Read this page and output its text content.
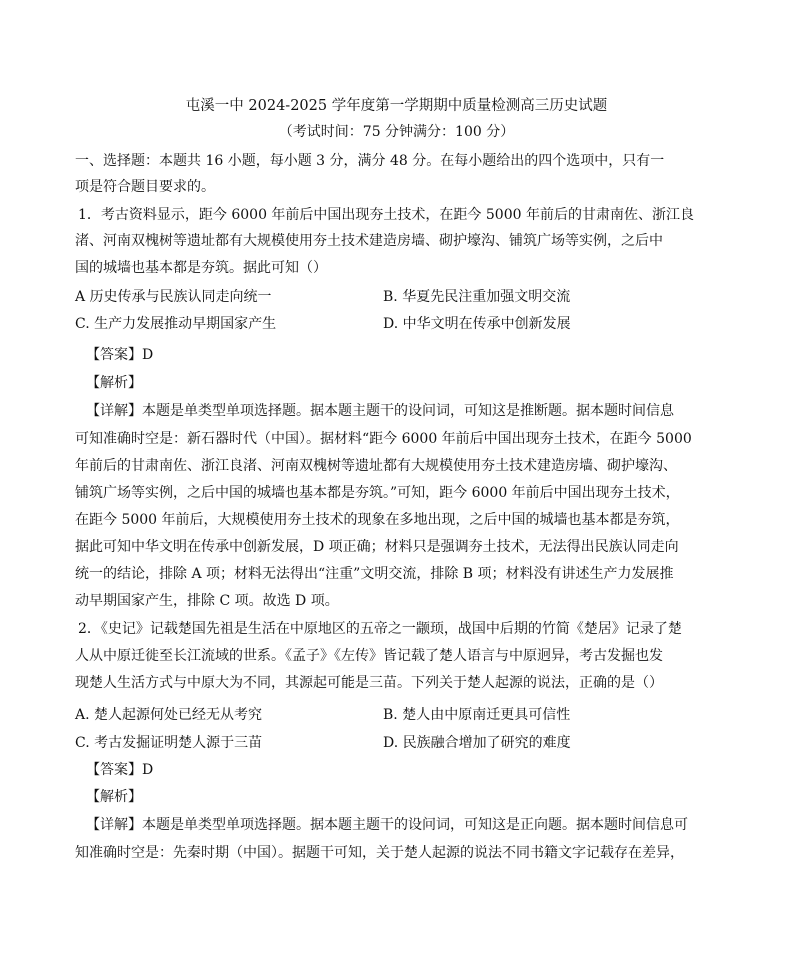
屯溪一中 2024-2025 学年度第一学期期中质量检测高三历史试题
（考试时间：75 分钟满分：100 分）
一、选择题：本题共 16 小题，每小题 3 分，满分 48 分。在每小题给出的四个选项中，只有一
项是符合题目要求的。
1．考古资料显示，距今 6000 年前后中国出现夯土技术，在距今 5000 年前后的甘肃南佐、浙江良
渚、河南双槐树等遗址都有大规模使用夯土技术建造房墙、砌护壕沟、铺筑广场等实例，之后中
国的城墙也基本都是夯筑。据此可知（）
A 历史传承与民族认同走向统一	B. 华夏先民注重加强文明交流
C. 生产力发展推动早期国家产生	D. 中华文明在传承中创新发展
【答案】D
【解析】
【详解】本题是单类型单项选择题。据本题主题干的设问词，可知这是推断题。据本题时间信息
可知准确时空是：新石器时代（中国）。据材料“距今 6000 年前后中国出现夯土技术，在距今 5000
年前后的甘肃南佐、浙江良渚、河南双槐树等遗址都有大规模使用夯土技术建造房墙、砌护壕沟、
铺筑广场等实例，之后中国的城墙也基本都是夯筑。”可知，距今 6000 年前后中国出现夯土技术，
在距今 5000 年前后，大规模使用夯土技术的现象在多地出现，之后中国的城墙也基本都是夯筑，
据此可知中华文明在传承中创新发展，D 项正确；材料只是强调夯土技术，无法得出民族认同走向
统一的结论，排除 A 项；材料无法得出“注重”文明交流，排除 B 项；材料没有讲述生产力发展推
动早期国家产生，排除 C 项。故选 D 项。
2．《史记》记载楚国先祖是生活在中原地区的五帝之一颛顼，战国中后期的竹简《楚居》记录了楚
人从中原迁徙至长江流域的世系。《孟子》《左传》皆记载了楚人语言与中原迥异，考古发掘也发
现楚人生活方式与中原大为不同，其源起可能是三苗。下列关于楚人起源的说法，正确的是（）
A. 楚人起源何处已经无从考究	B. 楚人由中原南迁更具可信性
C. 考古发掘证明楚人源于三苗	D. 民族融合增加了研究的难度
【答案】D
【解析】
【详解】本题是单类型单项选择题。据本题主题干的设问词，可知这是正向题。据本题时间信息可
知准确时空是：先秦时期（中国）。据题干可知，关于楚人起源的说法不同书籍文字记载存在差异，
